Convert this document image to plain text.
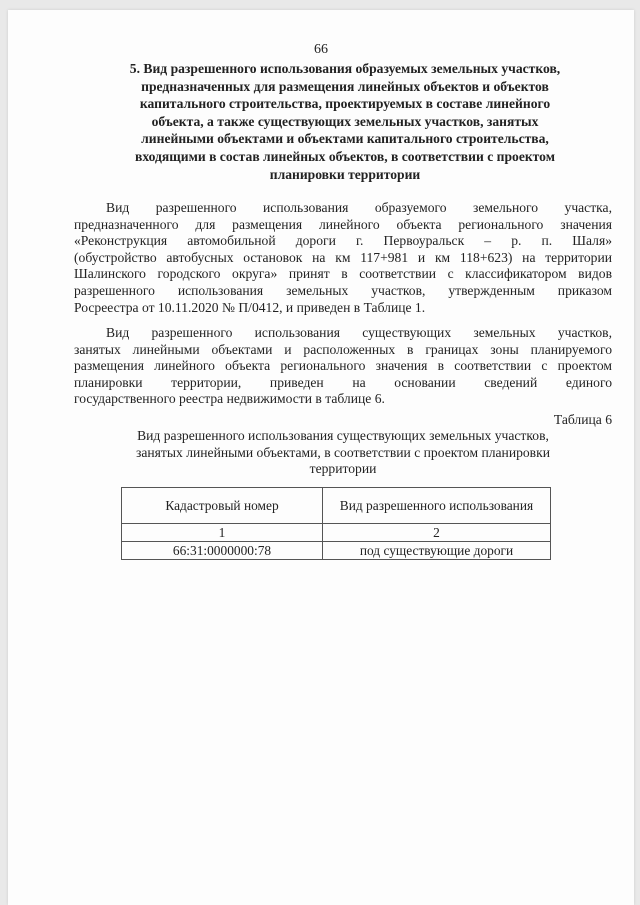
66
5. Вид разрешенного использования образуемых земельных участков,
предназначенных для размещения линейных объектов и объектов
капитального строительства, проектируемых в составе линейного
объекта, а также существующих земельных участков, занятых
линейными объектами и объектами капитального строительства,
входящими в состав линейных объектов, в соответствии с проектом
планировки территории
Вид разрешенного использования образуемого земельного участка,
предназначенного для размещения линейного объекта регионального значения
«Реконструкция автомобильной дороги г. Первоуральск – р. п. Шаля»
(обустройство автобусных остановок на км 117+981 и км 118+623) на территории
Шалинского городского округа» принят в соответствии с классификатором видов
разрешенного использования земельных участков, утвержденным приказом
Росреестра от 10.11.2020 № П/0412, и приведен в Таблице 1.
Вид разрешенного использования существующих земельных участков,
занятых линейными объектами и расположенных в границах зоны планируемого
размещения линейного объекта регионального значения в соответствии с проектом
планировки территории, приведен на основании сведений единого
государственного реестра недвижимости в таблице 6.
Таблица 6
Вид разрешенного использования существующих земельных участков,
занятых линейными объектами, в соответствии с проектом планировки
территории
Кадастровый номер	Вид разрешенного использования
1	2
66:31:0000000:78	под существующие дороги
